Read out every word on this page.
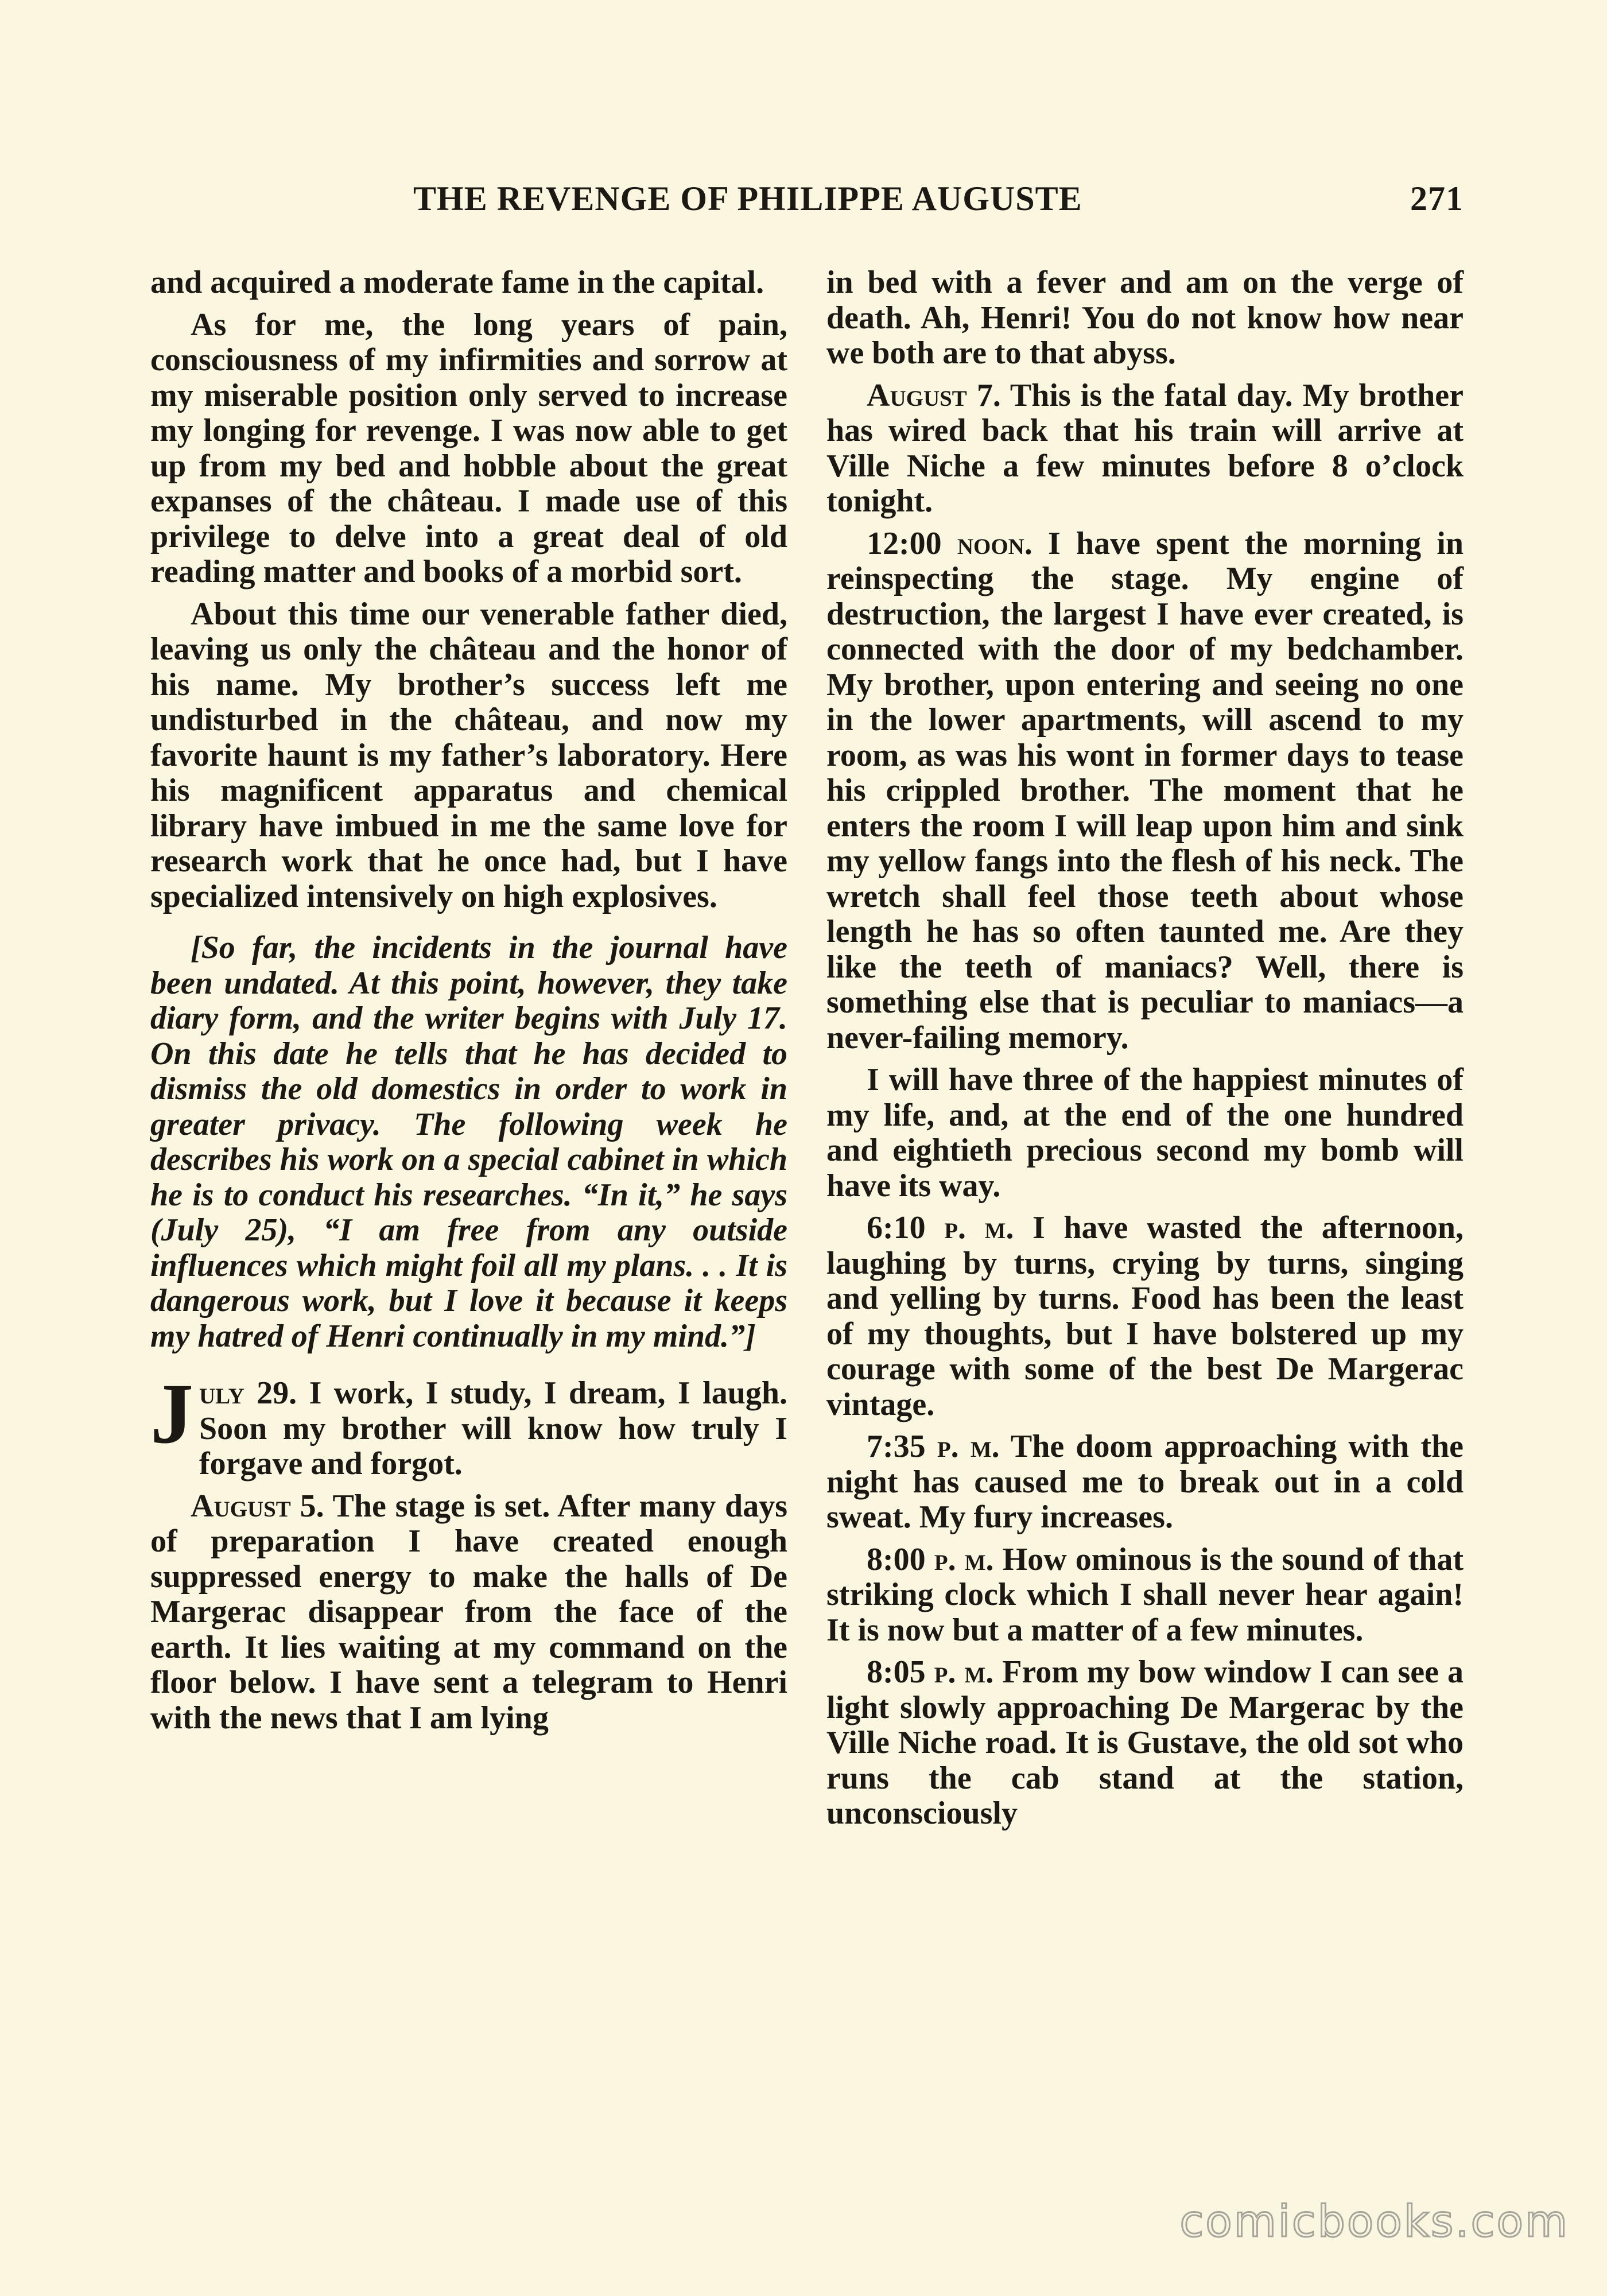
THE REVENGE OF PHILIPPE AUGUSTE	271

and acquired a moderate fame in the capital.

As for me, the long years of pain, consciousness of my infirmities and sorrow at my miserable position only served to increase my longing for revenge. I was now able to get up from my bed and hobble about the great expanses of the château. I made use of this privilege to delve into a great deal of old reading matter and books of a morbid sort.

About this time our venerable father died, leaving us only the château and the honor of his name. My brother’s success left me undisturbed in the château, and now my favorite haunt is my father’s laboratory. Here his magnificent apparatus and chemical library have imbued in me the same love for research work that he once had, but I have specialized intensively on high explosives.

[So far, the incidents in the journal have been undated. At this point, however, they take diary form, and the writer begins with July 17. On this date he tells that he has decided to dismiss the old domestics in order to work in greater privacy. The following week he describes his work on a special cabinet in which he is to conduct his researches. “In it,” he says (July 25), “I am free from any outside influences which might foil all my plans. . . It is dangerous work, but I love it because it keeps my hatred of Henri continually in my mind.”]

July 29. I work, I study, I dream, I laugh. Soon my brother will know how truly I forgave and forgot.

August 5. The stage is set. After many days of preparation I have created enough suppressed energy to make the halls of De Margerac disappear from the face of the earth. It lies waiting at my command on the floor below. I have sent a telegram to Henri with the news that I am lying

in bed with a fever and am on the verge of death. Ah, Henri! You do not know how near we both are to that abyss.

August 7. This is the fatal day. My brother has wired back that his train will arrive at Ville Niche a few minutes before 8 o’clock tonight.

12:00 noon. I have spent the morning in reinspecting the stage. My engine of destruction, the largest I have ever created, is connected with the door of my bedchamber. My brother, upon entering and seeing no one in the lower apartments, will ascend to my room, as was his wont in former days to tease his crippled brother. The moment that he enters the room I will leap upon him and sink my yellow fangs into the flesh of his neck. The wretch shall feel those teeth about whose length he has so often taunted me. Are they like the teeth of maniacs? Well, there is something else that is peculiar to maniacs—a never-failing memory.

I will have three of the happiest minutes of my life, and, at the end of the one hundred and eightieth precious second my bomb will have its way.

6:10 p. m. I have wasted the afternoon, laughing by turns, crying by turns, singing and yelling by turns. Food has been the least of my thoughts, but I have bolstered up my courage with some of the best De Margerac vintage.

7:35 p. m. The doom approaching with the night has caused me to break out in a cold sweat. My fury increases.

8:00 p. m. How ominous is the sound of that striking clock which I shall never hear again! It is now but a matter of a few minutes.

8:05 p. m. From my bow window I can see a light slowly approaching De Margerac by the Ville Niche road. It is Gustave, the old sot who runs the cab stand at the station, unconsciously

comicbooks.com
